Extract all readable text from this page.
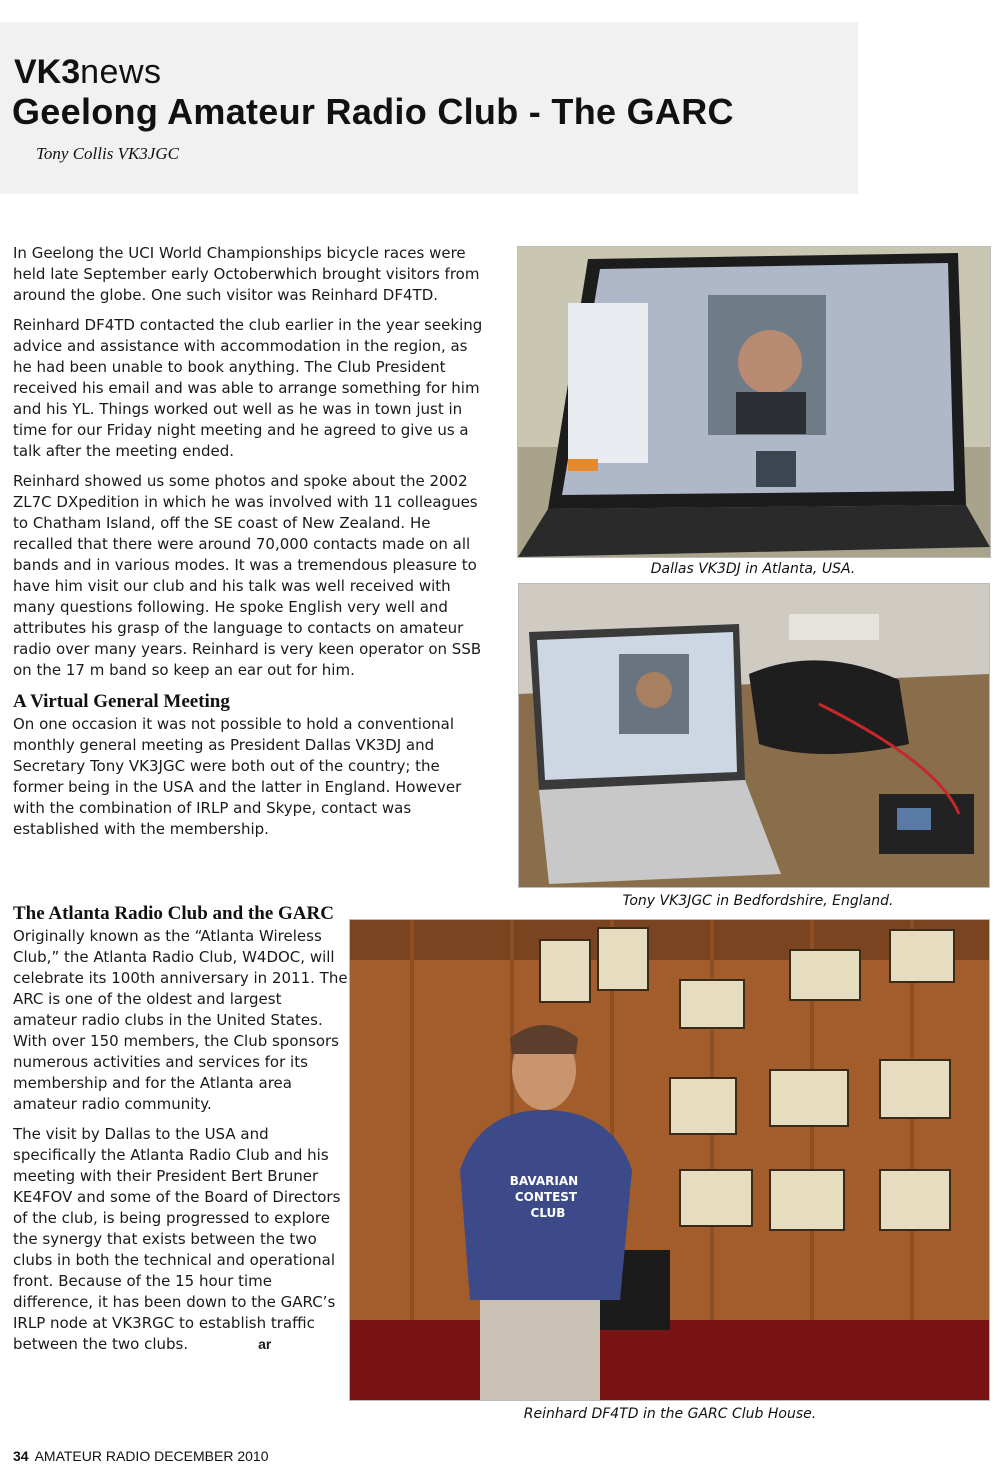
VK3news
Geelong Amateur Radio Club - The GARC
Tony Collis VK3JGC

In Geelong the UCI World Championships bicycle races were held late September early Octoberwhich brought visitors from around the globe. One such visitor was Reinhard DF4TD.

Reinhard DF4TD contacted the club earlier in the year seeking advice and assistance with accommodation in the region, as he had been unable to book anything. The Club President received his email and was able to arrange something for him and his YL. Things worked out well as he was in town just in time for our Friday night meeting and he agreed to give us a talk after the meeting ended.

Reinhard showed us some photos and spoke about the 2002 ZL7C DXpedition in which he was involved with 11 colleagues to Chatham Island, off the SE coast of New Zealand. He recalled that there were around 70,000 contacts made on all bands and in various modes. It was a tremendous pleasure to have him visit our club and his talk was well received with many questions following. He spoke English very well and attributes his grasp of the language to contacts on amateur radio over many years. Reinhard is very keen operator on SSB on the 17 m band so keep an ear out for him.

A Virtual General Meeting

On one occasion it was not possible to hold a conventional monthly general meeting as President Dallas VK3DJ and Secretary Tony VK3JGC were both out of the country; the former being in the USA and the latter in England. However with the combination of IRLP and Skype, contact was established with the membership.

The Atlanta Radio Club and the GARC

Originally known as the “Atlanta Wireless Club,” the Atlanta Radio Club, W4DOC, will celebrate its 100th anniversary in 2011. The ARC is one of the oldest and largest amateur radio clubs in the United States. With over 150 members, the Club sponsors numerous activities and services for its membership and for the Atlanta area amateur radio community.

The visit by Dallas to the USA and specifically the Atlanta Radio Club and his meeting with their President Bert Bruner KE4FOV and some of the Board of Directors of the club, is being progressed to explore the synergy that exists between the two clubs in both the technical and operational front. Because of the 15 hour time difference, it has been down to the GARC’s IRLP node at VK3RGC to establish traffic between the two clubs.	ar

Dallas VK3DJ in Atlanta, USA.
Tony VK3JGC in Bedfordshire, England.
BAVARIAN
CONTEST
CLUB
Reinhard DF4TD in the GARC Club House.
34 AMATEUR RADIO DECEMBER 2010
